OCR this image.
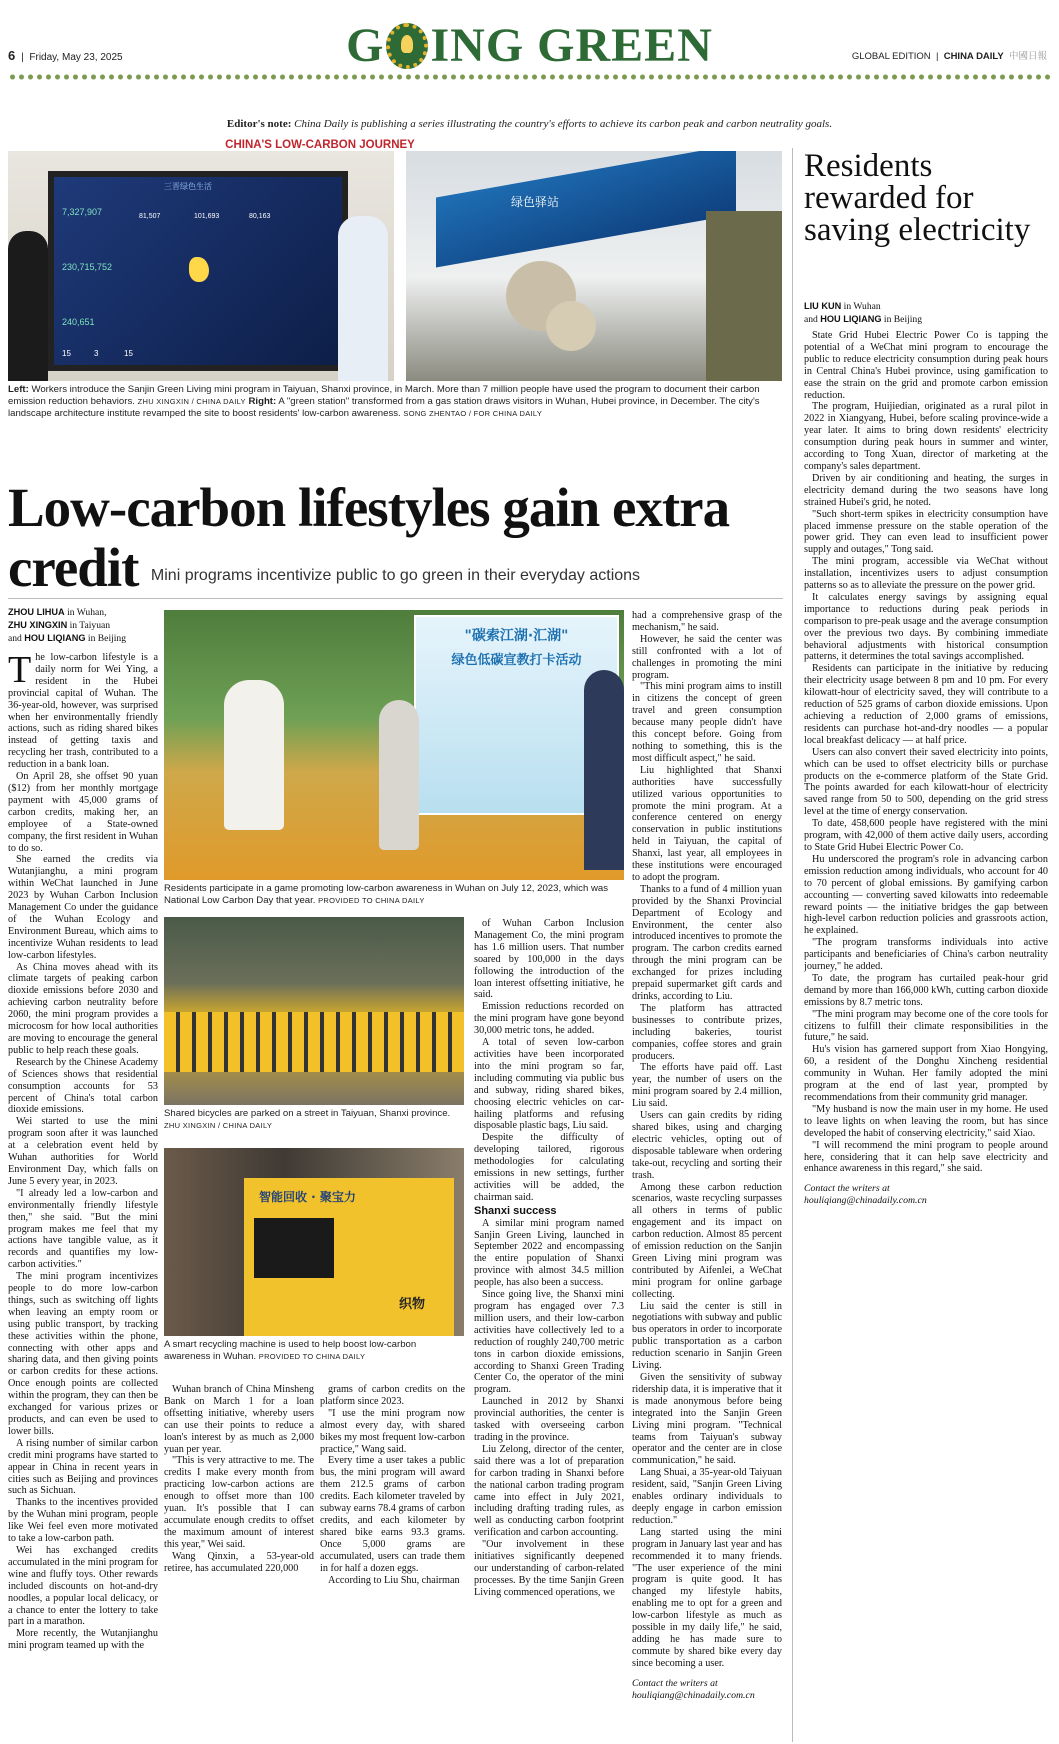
6 |  Friday, May 23, 2025	G ING GREEN	GLOBAL EDITION  |  CHINA DAILY 中國日報
Editor's note: China Daily is publishing a series illustrating the country's efforts to achieve its carbon peak and carbon neutrality goals.
CHINA'S LOW-CARBON JOURNEY
三晋绿色生活
7,327,907
230,715,752
240,651
81,507	101,693	80,163
15	3	15
绿色驿站
Left: Workers introduce the Sanjin Green Living mini program in Taiyuan, Shanxi province, in March. More than 7 million people have used the program to document their carbon emission reduction behaviors. ZHU XINGXIN / CHINA DAILY Right: A "green station" transformed from a gas station draws visitors in Wuhan, Hubei province, in December. The city's landscape architecture institute revamped the site to boost residents' low-carbon awareness. SONG ZHENTAO / FOR CHINA DAILY
Low-carbon lifestyles gain extra credit Mini programs incentivize public to go green in their everyday actions
ZHOU LIHUA in Wuhan,
ZHU XINGXIN in Taiyuan
and HOU LIQIANG in Beijing

The low-carbon lifestyle is a daily norm for Wei Ying, a resident in the Hubei provincial capital of Wuhan. The 36-year-old, however, was surprised when her environmentally friendly actions, such as riding shared bikes instead of getting taxis and recycling her trash, contributed to a reduction in a bank loan.

On April 28, she offset 90 yuan ($12) from her monthly mortgage payment with 45,000 grams of carbon credits, making her, an employee of a State-owned company, the first resident in Wuhan to do so.

She earned the credits via Wutanjianghu, a mini program within WeChat launched in June 2023 by Wuhan Carbon Inclusion Management Co under the guidance of the Wuhan Ecology and Environment Bureau, which aims to incentivize Wuhan residents to lead low-carbon lifestyles.

As China moves ahead with its climate targets of peaking carbon dioxide emissions before 2030 and achieving carbon neutrality before 2060, the mini program provides a microcosm for how local authorities are moving to encourage the general public to help reach these goals.

Research by the Chinese Academy of Sciences shows that residential consumption accounts for 53 percent of China's total carbon dioxide emissions.

Wei started to use the mini program soon after it was launched at a celebration event held by Wuhan authorities for World Environment Day, which falls on June 5 every year, in 2023.

"I already led a low-carbon and environmentally friendly lifestyle then," she said. "But the mini program makes me feel that my actions have tangible value, as it records and quantifies my low-carbon activities."

The mini program incentivizes people to do more low-carbon things, such as switching off lights when leaving an empty room or using public transport, by tracking these activities within the phone, connecting with other apps and sharing data, and then giving points or carbon credits for these actions. Once enough points are collected within the program, they can then be exchanged for various prizes or products, and can even be used to lower bills.

A rising number of similar carbon credit mini programs have started to appear in China in recent years in cities such as Beijing and provinces such as Sichuan.

Thanks to the incentives provided by the Wuhan mini program, people like Wei feel even more motivated to take a low-carbon path.

Wei has exchanged credits accumulated in the mini program for wine and fluffy toys. Other rewards included discounts on hot-and-dry noodles, a popular local delicacy, or a chance to enter the lottery to take part in a marathon.

More recently, the Wutanjianghu mini program teamed up with the

"碳索江湖·汇湖"
绿色低碳宣教打卡活动
Residents participate in a game promoting low-carbon awareness in Wuhan on July 12, 2023, which was National Low Carbon Day that year. PROVIDED TO CHINA DAILY
Shared bicycles are parked on a street in Taiyuan, Shanxi province.
ZHU XINGXIN / CHINA DAILY
智能回收 · 聚宝力
织物
A smart recycling machine is used to help boost low-carbon awareness in Wuhan. PROVIDED TO CHINA DAILY

Wuhan branch of China Minsheng Bank on March 1 for a loan offsetting initiative, whereby users can use their points to reduce a loan's interest by as much as 2,000 yuan per year.

"This is very attractive to me. The credits I make every month from practicing low-carbon actions are enough to offset more than 100 yuan. It's possible that I can accumulate enough credits to offset the maximum amount of interest this year," Wei said.

Wang Qinxin, a 53-year-old retiree, has accumulated 220,000

grams of carbon credits on the platform since 2023.

"I use the mini program now almost every day, with shared bikes my most frequent low-carbon practice," Wang said.

Every time a user takes a public bus, the mini program will award them 212.5 grams of carbon credits. Each kilometer traveled by subway earns 78.4 grams of carbon credits, and each kilometer by shared bike earns 93.3 grams. Once 5,000 grams are accumulated, users can trade them in for half a dozen eggs.

According to Liu Shu, chairman

of Wuhan Carbon Inclusion Management Co, the mini program has 1.6 million users. That number soared by 100,000 in the days following the introduction of the loan interest offsetting initiative, he said.

Emission reductions recorded on the mini program have gone beyond 30,000 metric tons, he added.

A total of seven low-carbon activities have been incorporated into the mini program so far, including commuting via public bus and subway, riding shared bikes, choosing electric vehicles on car-hailing platforms and refusing disposable plastic bags, Liu said.

Despite the difficulty of developing tailored, rigorous methodologies for calculating emissions in new settings, further activities will be added, the chairman said.

Shanxi success

A similar mini program named Sanjin Green Living, launched in September 2022 and encompassing the entire population of Shanxi province with almost 34.5 million people, has also been a success.

Since going live, the Shanxi mini program has engaged over 7.3 million users, and their low-carbon activities have collectively led to a reduction of roughly 240,700 metric tons in carbon dioxide emissions, according to Shanxi Green Trading Center Co, the operator of the mini program.

Launched in 2012 by Shanxi provincial authorities, the center is tasked with overseeing carbon trading in the province.

Liu Zelong, director of the center, said there was a lot of preparation for carbon trading in Shanxi before the national carbon trading program came into effect in July 2021, including drafting trading rules, as well as conducting carbon footprint verification and carbon accounting.

"Our involvement in these initiatives significantly deepened our understanding of carbon-related processes. By the time Sanjin Green Living commenced operations, we

had a comprehensive grasp of the mechanism," he said.

However, he said the center was still confronted with a lot of challenges in promoting the mini program.

"This mini program aims to instill in citizens the concept of green travel and green consumption because many people didn't have this concept before. Going from nothing to something, this is the most difficult aspect," he said.

Liu highlighted that Shanxi authorities have successfully utilized various opportunities to promote the mini program. At a conference centered on energy conservation in public institutions held in Taiyuan, the capital of Shanxi, last year, all employees in these institutions were encouraged to adopt the program.

Thanks to a fund of 4 million yuan provided by the Shanxi Provincial Department of Ecology and Environment, the center also introduced incentives to promote the program. The carbon credits earned through the mini program can be exchanged for prizes including prepaid supermarket gift cards and drinks, according to Liu.

The platform has attracted businesses to contribute prizes, including bakeries, tourist companies, coffee stores and grain producers.

The efforts have paid off. Last year, the number of users on the mini program soared by 2.4 million, Liu said.

Users can gain credits by riding shared bikes, using and charging electric vehicles, opting out of disposable tableware when ordering take-out, recycling and sorting their trash.

Among these carbon reduction scenarios, waste recycling surpasses all others in terms of public engagement and its impact on carbon reduction. Almost 85 percent of emission reduction on the Sanjin Green Living mini program was contributed by Aifenlei, a WeChat mini program for online garbage collecting.

Liu said the center is still in negotiations with subway and public bus operators in order to incorporate public transportation as a carbon reduction scenario in Sanjin Green Living.

Given the sensitivity of subway ridership data, it is imperative that it is made anonymous before being integrated into the Sanjin Green Living mini program. "Technical teams from Taiyuan's subway operator and the center are in close communication," he said.

Lang Shuai, a 35-year-old Taiyuan resident, said, "Sanjin Green Living enables ordinary individuals to deeply engage in carbon emission reduction."

Lang started using the mini program in January last year and has recommended it to many friends. "The user experience of the mini program is quite good. It has changed my lifestyle habits, enabling me to opt for a green and low-carbon lifestyle as much as possible in my daily life," he said, adding he has made sure to commute by shared bike every day since becoming a user.

Contact the writers at
houliqiang@chinadaily.com.cn
Residents rewarded for saving electricity
LIU KUN in Wuhan
and HOU LIQIANG in Beijing

State Grid Hubei Electric Power Co is tapping the potential of a WeChat mini program to encourage the public to reduce electricity consumption during peak hours in Central China's Hubei province, using gamification to ease the strain on the grid and promote carbon emission reduction.

The program, Huijiedian, originated as a rural pilot in 2022 in Xiangyang, Hubei, before scaling province-wide a year later. It aims to bring down residents' electricity consumption during peak hours in summer and winter, according to Tong Xuan, director of marketing at the company's sales department.

Driven by air conditioning and heating, the surges in electricity demand during the two seasons have long strained Hubei's grid, he noted.

"Such short-term spikes in electricity consumption have placed immense pressure on the stable operation of the power grid. They can even lead to insufficient power supply and outages," Tong said.

The mini program, accessible via WeChat without installation, incentivizes users to adjust consumption patterns so as to alleviate the pressure on the power grid.

It calculates energy savings by assigning equal importance to reductions during peak periods in comparison to pre-peak usage and the average consumption over the previous two days. By combining immediate behavioral adjustments with historical consumption patterns, it determines the total savings accomplished.

Residents can participate in the initiative by reducing their electricity usage between 8 pm and 10 pm. For every kilowatt-hour of electricity saved, they will contribute to a reduction of 525 grams of carbon dioxide emissions. Upon achieving a reduction of 2,000 grams of emissions, residents can purchase hot-and-dry noodles — a popular local breakfast delicacy — at half price.

Users can also convert their saved electricity into points, which can be used to offset electricity bills or purchase products on the e-commerce platform of the State Grid. The points awarded for each kilowatt-hour of electricity saved range from 50 to 500, depending on the grid stress level at the time of energy conservation.

To date, 458,600 people have registered with the mini program, with 42,000 of them active daily users, according to State Grid Hubei Electric Power Co.

Hu underscored the program's role in advancing carbon emission reduction among individuals, who account for 40 to 70 percent of global emissions. By gamifying carbon accounting — converting saved kilowatts into redeemable reward points — the initiative bridges the gap between high-level carbon reduction policies and grassroots action, he explained.

"The program transforms individuals into active participants and beneficiaries of China's carbon neutrality journey," he added.

To date, the program has curtailed peak-hour grid demand by more than 166,000 kWh, cutting carbon dioxide emissions by 8.7 metric tons.

"The mini program may become one of the core tools for citizens to fulfill their climate responsibilities in the future," he said.

Hu's vision has garnered support from Xiao Hongying, 60, a resident of the Donghu Xincheng residential community in Wuhan. Her family adopted the mini program at the end of last year, prompted by recommendations from their community grid manager.

"My husband is now the main user in my home. He used to leave lights on when leaving the room, but has since developed the habit of conserving electricity," said Xiao.

"I will recommend the mini program to people around here, considering that it can help save electricity and enhance awareness in this regard," she said.

Contact the writers at
houliqiang@chinadaily.com.cn
